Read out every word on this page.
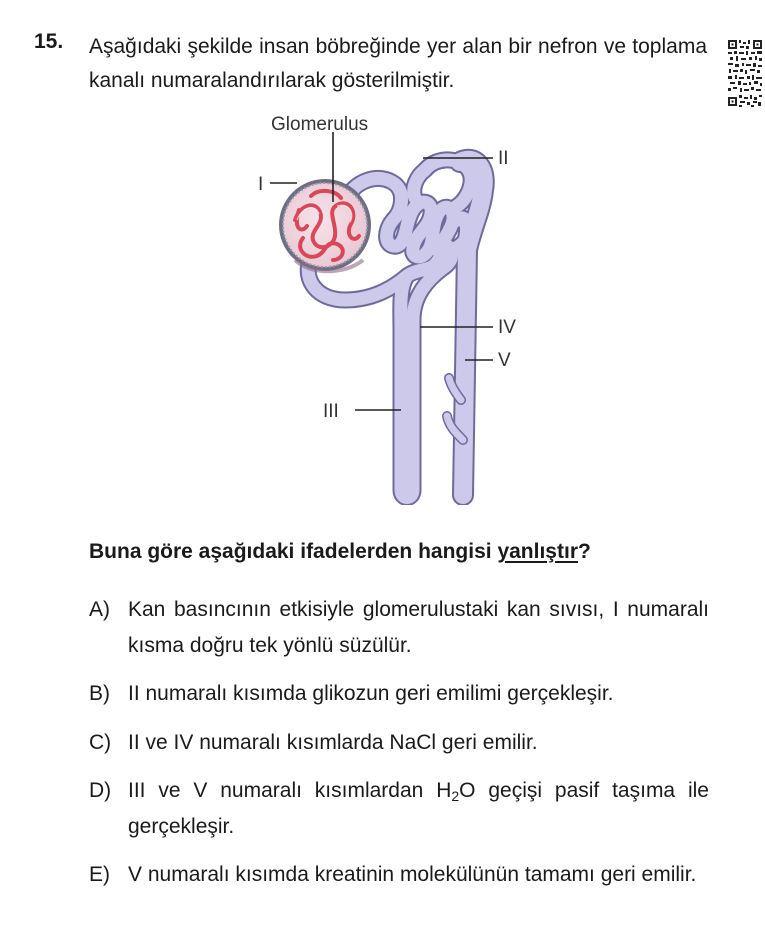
15. Aşağıdaki şekilde insan böbreğinde yer alan bir nefron ve toplama kanalı numaralandırılarak gösterilmiştir.
Glomerulus
I
II
IV
V
III
Buna göre aşağıdaki ifadelerden hangisi yanlıştır?
A) Kan basıncının etkisiyle glomerulustaki kan sıvısı, I numaralı kısma doğru tek yönlü süzülür.
B) II numaralı kısımda glikozun geri emilimi gerçekleşir.
C) II ve IV numaralı kısımlarda NaCl geri emilir.
D) III ve V numaralı kısımlardan $H_2O$ geçişi pasif taşıma ile gerçekleşir.
E) V numaralı kısımda kreatinin molekülünün tamamı geri emilir.
